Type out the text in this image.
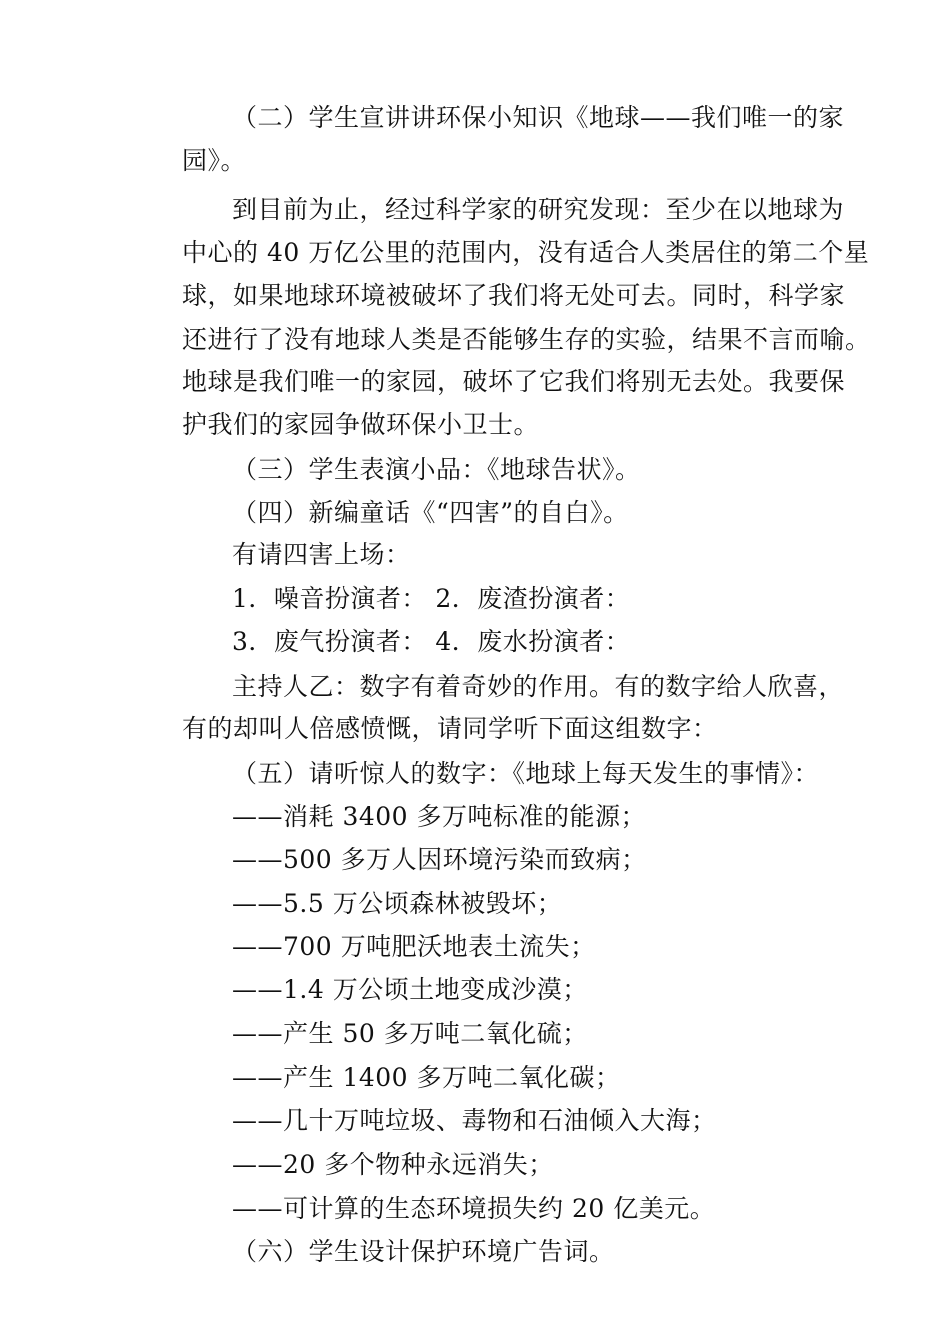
（二）学生宣讲讲环保小知识《地球——我们唯一的家
园》。
到目前为止，经过科学家的研究发现：至少在以地球为
中心的 40 万亿公里的范围内，没有适合人类居住的第二个星
球，如果地球环境被破坏了我们将无处可去。同时，科学家
还进行了没有地球人类是否能够生存的实验，结果不言而喻。
地球是我们唯一的家园，破坏了它我们将别无去处。我要保
护我们的家园争做环保小卫士。
（三）学生表演小品：《地球告状》。
（四）新编童话《“四害”的自白》。
有请四害上场：
1．噪音扮演者： 2．废渣扮演者：
3．废气扮演者： 4．废水扮演者：
主持人乙：数字有着奇妙的作用。有的数字给人欣喜，
有的却叫人倍感愤慨，请同学听下面这组数字：
（五）请听惊人的数字：《地球上每天发生的事情》：
——消耗 3400 多万吨标准的能源；
——500 多万人因环境污染而致病；
——5.5 万公顷森林被毁坏；
——700 万吨肥沃地表土流失；
——1.4 万公顷土地变成沙漠；
——产生 50 多万吨二氧化硫；
——产生 1400 多万吨二氧化碳；
——几十万吨垃圾、毒物和石油倾入大海；
——20 多个物种永远消失；
——可计算的生态环境损失约 20 亿美元。
（六）学生设计保护环境广告词。
